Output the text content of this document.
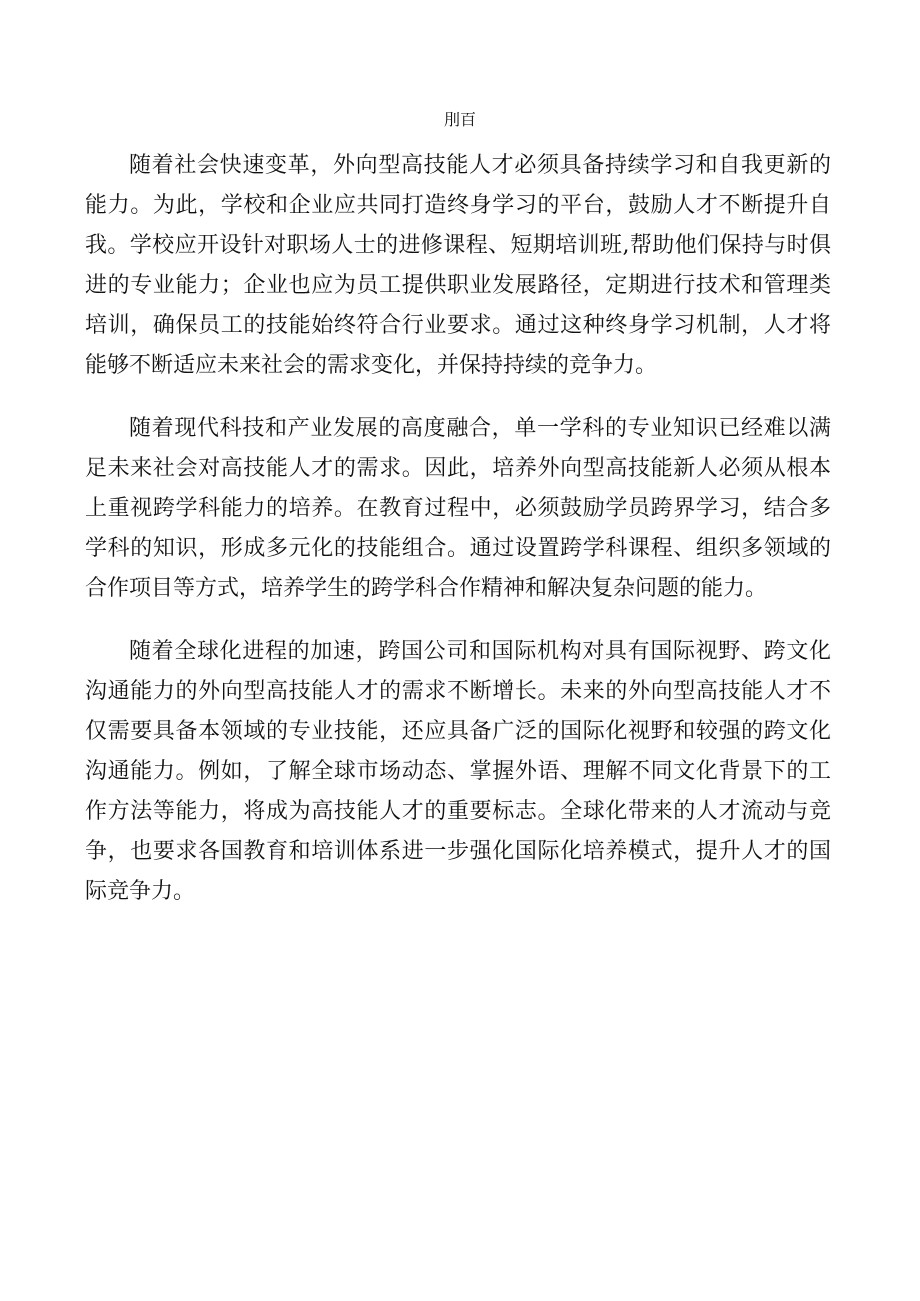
刖百

随着社会快速变革，外向型高技能人才必须具备持续学习和自我更新的能力。为此，学校和企业应共同打造终身学习的平台，鼓励人才不断提升自我。学校应开设针对职场人士的进修课程、短期培训班,帮助他们保持与时俱进的专业能力；企业也应为员工提供职业发展路径，定期进行技术和管理类培训，确保员工的技能始终符合行业要求。通过这种终身学习机制，人才将能够不断适应未来社会的需求变化，并保持持续的竞争力。

随着现代科技和产业发展的高度融合，单一学科的专业知识已经难以满足未来社会对高技能人才的需求。因此，培养外向型高技能新人必须从根本上重视跨学科能力的培养。在教育过程中，必须鼓励学员跨界学习，结合多学科的知识，形成多元化的技能组合。通过设置跨学科课程、组织多领域的合作项目等方式，培养学生的跨学科合作精神和解决复杂问题的能力。

随着全球化进程的加速，跨国公司和国际机构对具有国际视野、跨文化沟通能力的外向型高技能人才的需求不断增长。未来的外向型高技能人才不仅需要具备本领域的专业技能，还应具备广泛的国际化视野和较强的跨文化沟通能力。例如，了解全球市场动态、掌握外语、理解不同文化背景下的工作方法等能力，将成为高技能人才的重要标志。全球化带来的人才流动与竞争，也要求各国教育和培训体系进一步强化国际化培养模式，提升人才的国际竞争力。
